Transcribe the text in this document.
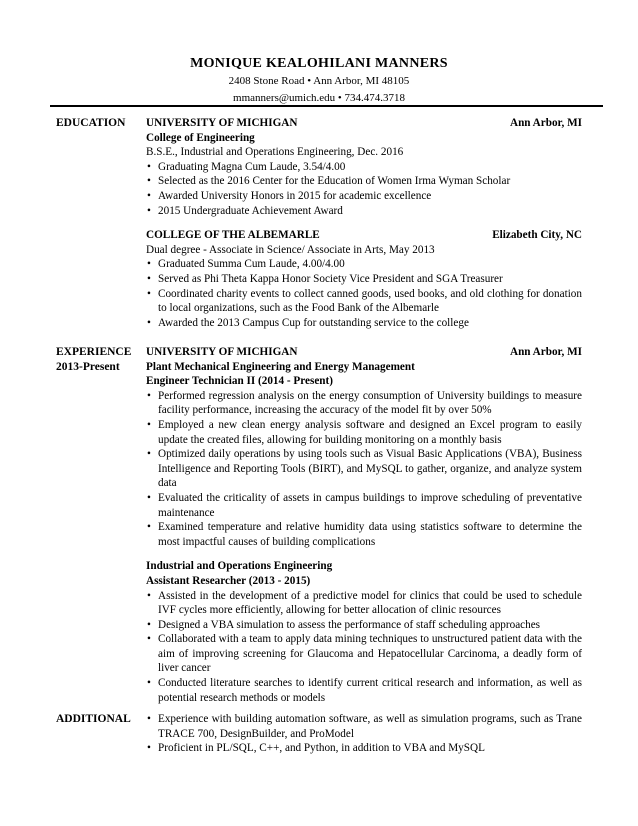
MONIQUE KEALOHILANI MANNERS
2408 Stone Road • Ann Arbor, MI 48105
mmanners@umich.edu • 734.474.3718
EDUCATION UNIVERSITY OF MICHIGAN	Ann Arbor, MI
College of Engineering
B.S.E., Industrial and Operations Engineering, Dec. 2016
• Graduating Magna Cum Laude, 3.54/4.00
• Selected as the 2016 Center for the Education of Women Irma Wyman Scholar
• Awarded University Honors in 2015 for academic excellence
• 2015 Undergraduate Achievement Award
COLLEGE OF THE ALBEMARLE	Elizabeth City, NC
Dual degree - Associate in Science/ Associate in Arts, May 2013
• Graduated Summa Cum Laude, 4.00/4.00
• Served as Phi Theta Kappa Honor Society Vice President and SGA Treasurer
• Coordinated charity events to collect canned goods, used books, and old clothing for donation to local organizations, such as the Food Bank of the Albemarle
• Awarded the 2013 Campus Cup for outstanding service to the college
EXPERIENCE
2013-Present
UNIVERSITY OF MICHIGAN	Ann Arbor, MI
Plant Mechanical Engineering and Energy Management
Engineer Technician II (2014 - Present)
• Performed regression analysis on the energy consumption of University buildings to measure facility performance, increasing the accuracy of the model fit by over 50%
• Employed a new clean energy analysis software and designed an Excel program to easily update the created files, allowing for building monitoring on a monthly basis
• Optimized daily operations by using tools such as Visual Basic Applications (VBA), Business Intelligence and Reporting Tools (BIRT), and MySQL to gather, organize, and analyze system data
• Evaluated the criticality of assets in campus buildings to improve scheduling of preventative maintenance
• Examined temperature and relative humidity data using statistics software to determine the most impactful causes of building complications
Industrial and Operations Engineering
Assistant Researcher (2013 - 2015)
• Assisted in the development of a predictive model for clinics that could be used to schedule IVF cycles more efficiently, allowing for better allocation of clinic resources
• Designed a VBA simulation to assess the performance of staff scheduling approaches
• Collaborated with a team to apply data mining techniques to unstructured patient data with the aim of improving screening for Glaucoma and Hepatocellular Carcinoma, a deadly form of liver cancer
• Conducted literature searches to identify current critical research and information, as well as potential research methods or models
ADDITIONAL
•	Experience with building automation software, as well as simulation programs, such as Trane TRACE 700, DesignBuilder, and ProModel
• Proficient in PL/SQL, C++, and Python, in addition to VBA and MySQL
